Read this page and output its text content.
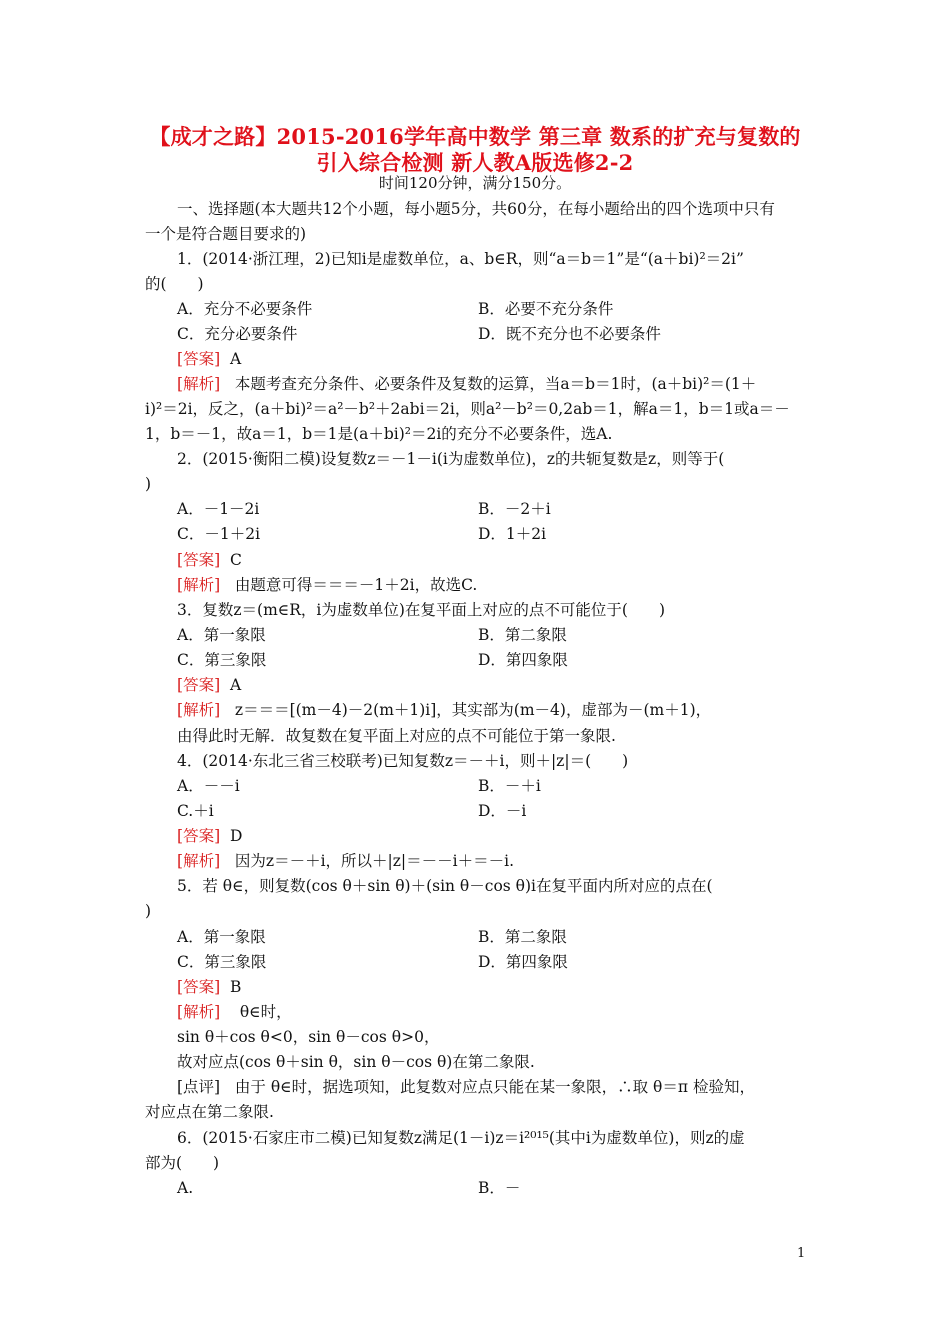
【成才之路】2015-2016学年高中数学 第三章 数系的扩充与复数的
引入综合检测 新人教A版选修2-2
时间120分钟，满分150分。
一、选择题(本大题共12个小题，每小题5分，共60分，在每小题给出的四个选项中只有
一个是符合题目要求的)
1．(2014·浙江理，2)已知i是虚数单位，a、b∈R，则“a＝b＝1”是“(a＋bi)²＝2i”
的(　　)
A．充分不必要条件	B．必要不充分条件
C．充分必要条件	D．既不充分也不必要条件
[ 答案 ] A
[ 解析 ] 本题考查充分条件、必要条件及复数的运算，当a＝b＝1时，(a＋bi)²＝(1＋
i)²＝2i，反之，(a＋bi)²＝a²－b²＋2abi＝2i，则a²－b²＝0,2ab＝1，解a＝1，b＝1或a＝－
1，b＝－1，故a＝1，b＝1是(a＋bi)²＝2i的充分不必要条件，选A.
2．(2015·衡阳二模)设复数z＝－1－i(i为虚数单位)，z的共轭复数是z，则等于(
)
A．－1－2i	B．－2＋i
C．－1＋2i	D．1＋2i
[ 答案 ] C
[ 解析 ] 由题意可得＝＝＝－1＋2i，故选C.
3．复数z＝(m∈R，i为虚数单位)在复平面上对应的点不可能位于(　　)
A．第一象限	B．第二象限
C．第三象限	D．第四象限
[ 答案 ] A
[ 解析 ] z＝＝＝[(m－4)－2(m＋1)i]，其实部为(m－4)，虚部为－(m＋1)，
由得此时无解．故复数在复平面上对应的点不可能位于第一象限.
4．(2014·东北三省三校联考)已知复数z＝－＋i，则＋|z|＝(　　)
A．－－i	B．－＋i
C.＋i	D．－i
[ 答案 ] D
[ 解析 ] 因为z＝－＋i，所以＋|z|＝－－i＋＝－i.
5．若 θ∈，则复数(cos θ＋sin θ)＋(sin θ－cos θ)i在复平面内所对应的点在(
)
A．第一象限	B．第二象限
C．第三象限	D．第四象限
[ 答案 ] B
[ 解析 ]    θ∈时，
sin θ＋cos θ<0，sin θ－cos θ>0，
故对应点(cos θ＋sin θ，sin θ－cos θ)在第二象限.
[点评] 由于 θ∈时，据选项知，此复数对应点只能在某一象限，∴取 θ＝π 检验知，
对应点在第二象限.
6．(2015·石家庄市二模)已知复数z满足(1－i)z＝i²⁰¹⁵(其中i为虚数单位)，则z的虚
部为(　　)
A.	B．－
1
